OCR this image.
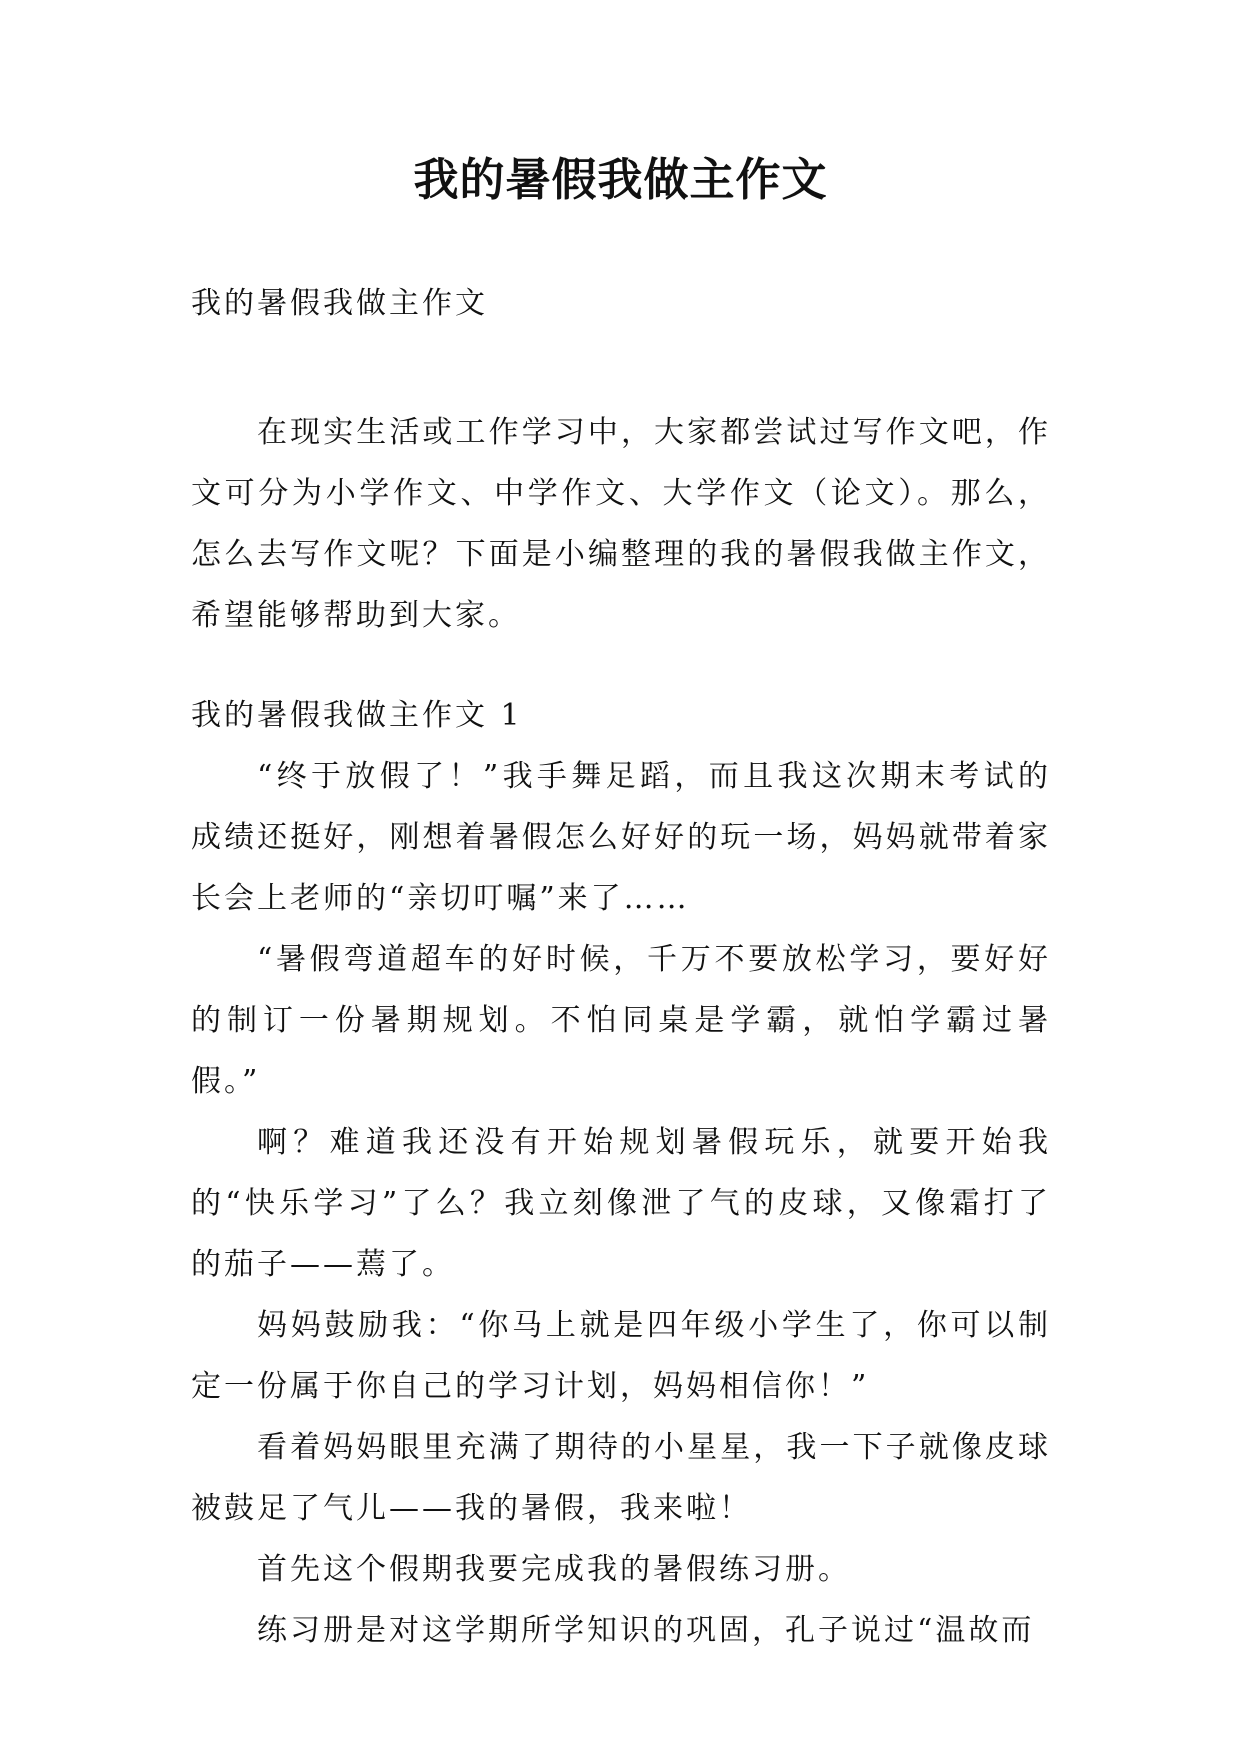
我的暑假我做主作文
我的暑假我做主作文

在现实生活或工作学习中，大家都尝试过写作文吧，作文可分为小学作文、中学作文、大学作文（论文）。那么，怎么去写作文呢？下面是小编整理的我的暑假我做主作文，希望能够帮助到大家。

我的暑假我做主作文 1

“终于放假了！”我手舞足蹈，而且我这次期末考试的成绩还挺好，刚想着暑假怎么好好的玩一场，妈妈就带着家长会上老师的“亲切叮嘱”来了……

“暑假弯道超车的好时候，千万不要放松学习，要好好的制订一份暑期规划。不怕同桌是学霸，就怕学霸过暑假。”

啊？难道我还没有开始规划暑假玩乐，就要开始我的“快乐学习”了么？我立刻像泄了气的皮球，又像霜打了的茄子——蔫了。

妈妈鼓励我：“你马上就是四年级小学生了，你可以制定一份属于你自己的学习计划，妈妈相信你！”

看着妈妈眼里充满了期待的小星星，我一下子就像皮球被鼓足了气儿——我的暑假，我来啦！

首先这个假期我要完成我的暑假练习册。

练习册是对这学期所学知识的巩固，孔子说过“温故而
